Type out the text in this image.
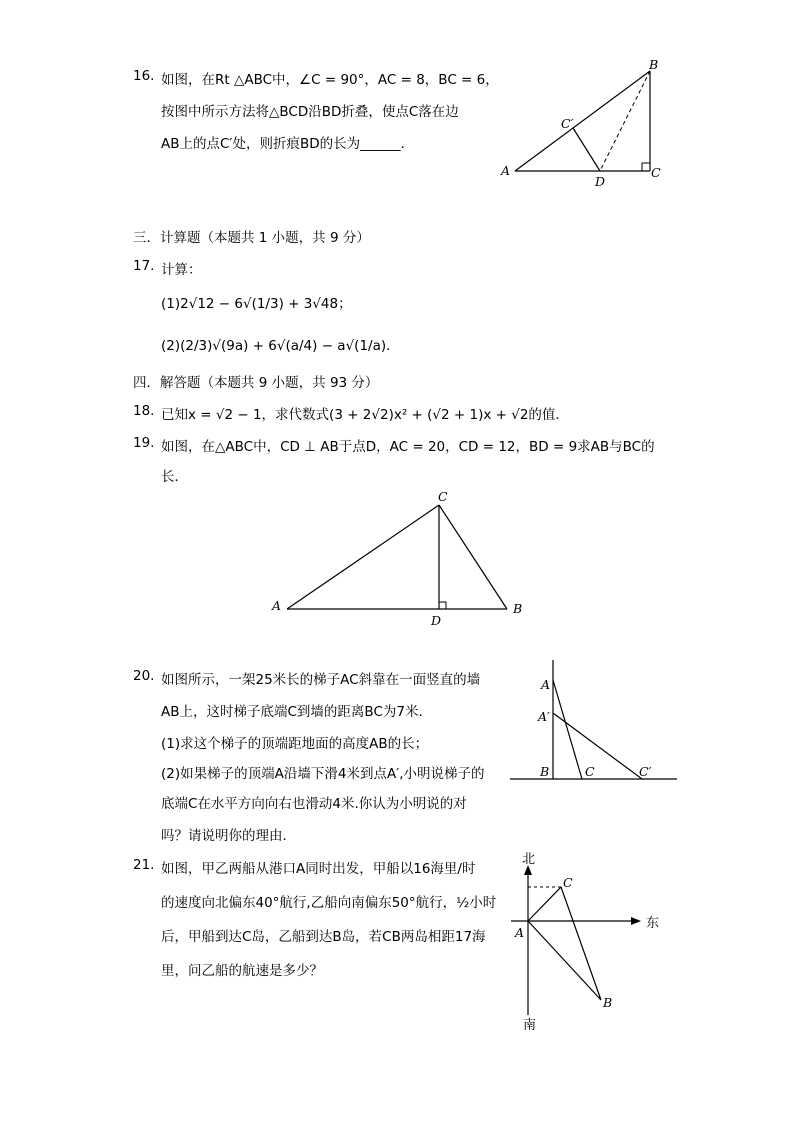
16. 如图，在Rt △ABC中，∠C = 90°，AC = 8，BC = 6，
按图中所示方法将△BCD沿BD折叠，使点C落在边
AB上的点C′处，则折痕BD的长为______．
A
B
C
C′
D
三．计算题（本题共 1 小题，共 9 分）
17. 计算：
(1)2√12 − 6√(1/3) + 3√48；
(2)(2/3)√(9a) + 6√(a/4) − a√(1/a)．
四．解答题（本题共 9 小题，共 93 分）
18. 已知x = √2 − 1，求代数式(3 + 2√2)x² + (√2 + 1)x + √2的值．
19. 如图，在△ABC中，CD ⊥ AB于点D，AC = 20，CD = 12，BD = 9求AB与BC的
长．
A	B
C
D
20. 如图所示，一架25米长的梯子AC斜靠在一面竖直的墙
AB上，这时梯子底端C到墙的距离BC为7米．
(1)求这个梯子的顶端距地面的高度AB的长；
(2)如果梯子的顶端A沿墙下滑4米到点A′,小明说梯子的
底端C在水平方向向右也滑动4米.你认为小明说的对
吗？请说明你的理由．
A
A′
B	C	C′
21. 如图，甲乙两船从港口A同时出发，甲船以16海里/时
的速度向北偏东40°航行,乙船向南偏东50°航行，½小时
后，甲船到达C岛，乙船到达B岛，若CB两岛相距17海
里，问乙船的航速是多少？
北
南
东
A
B
C
